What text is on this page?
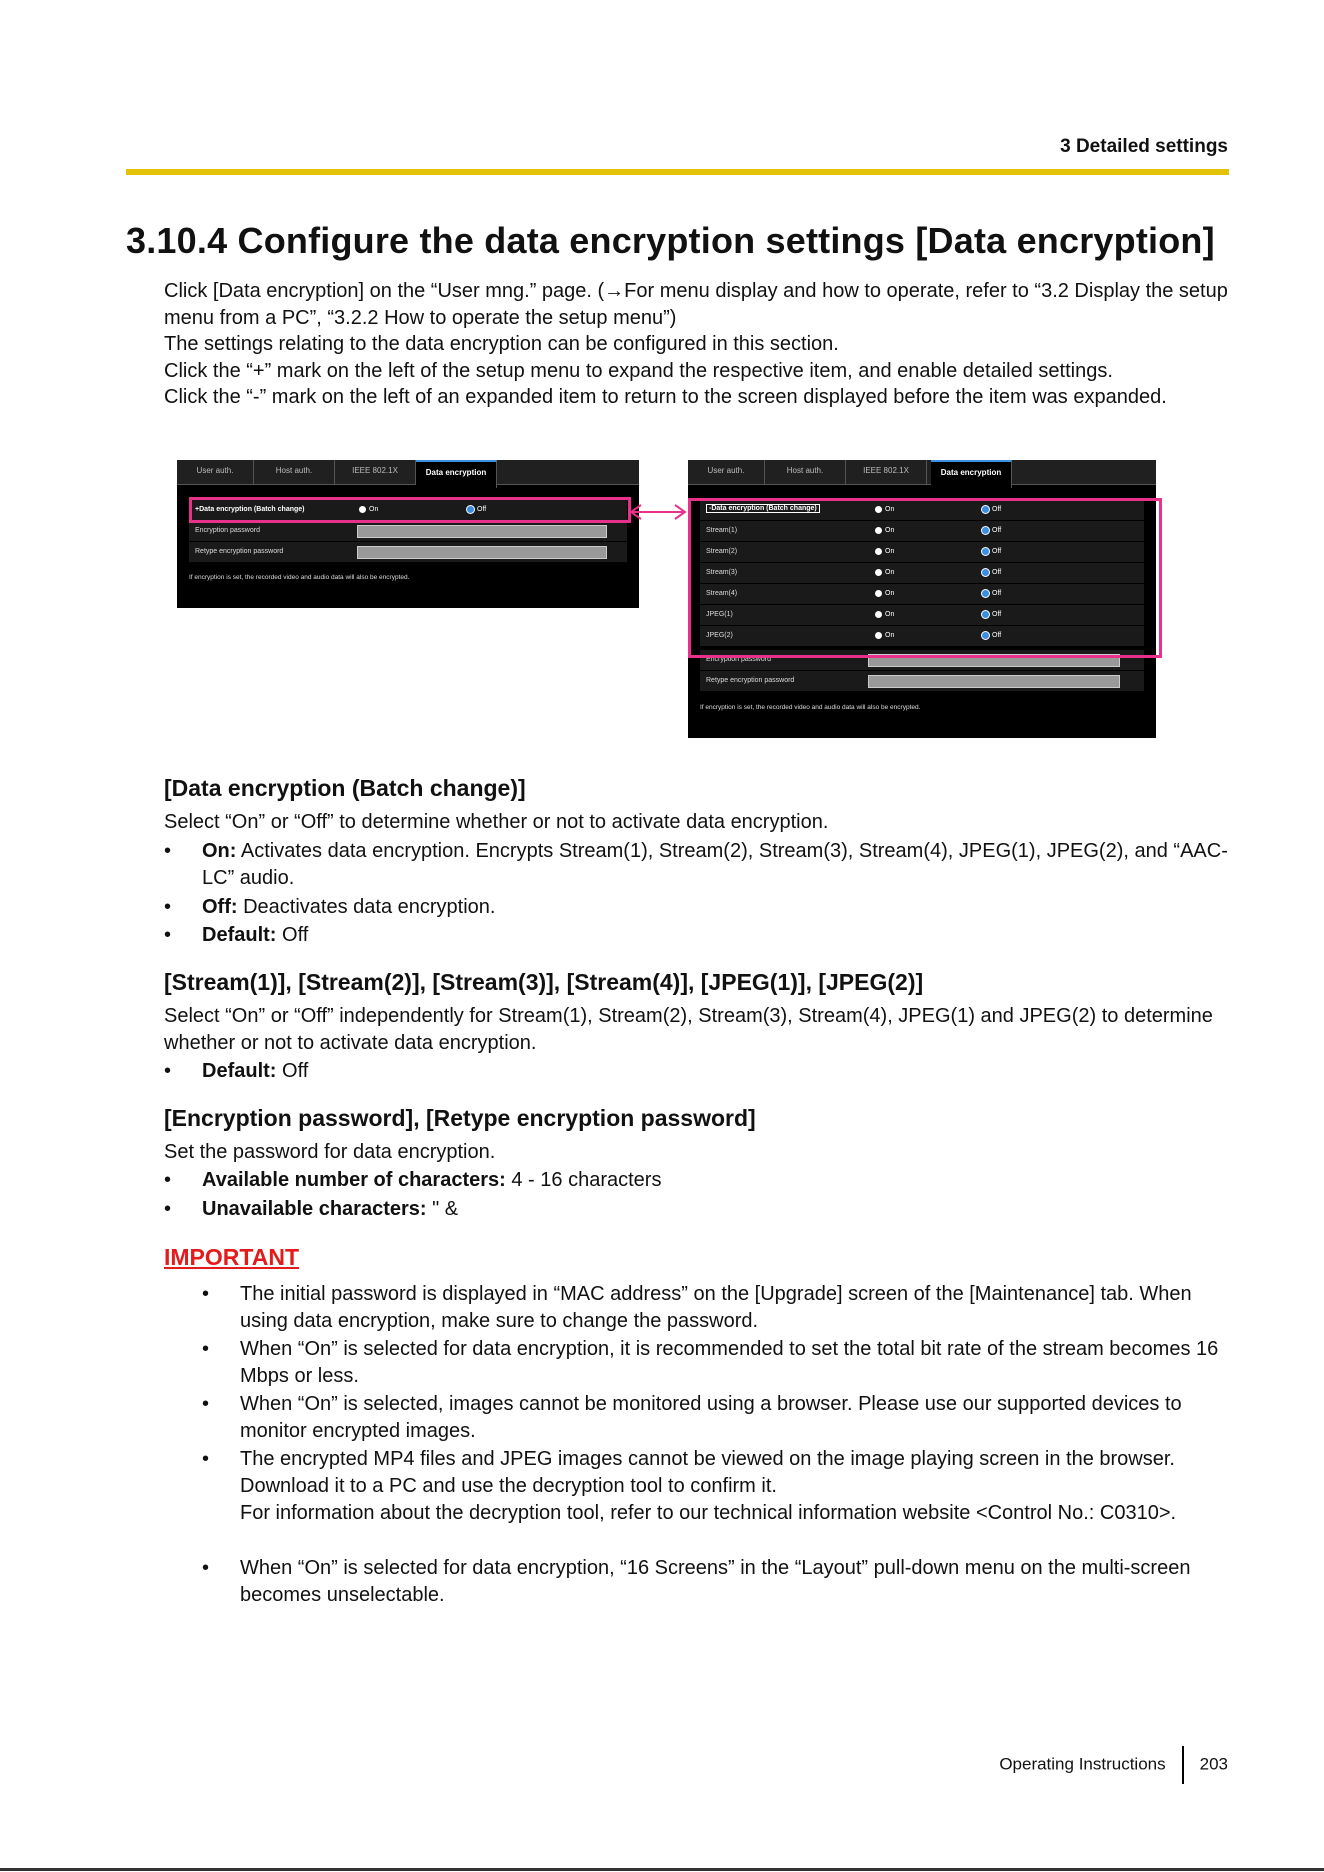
3 Detailed settings
3.10.4 Configure the data encryption settings [Data encryption]

Click [Data encryption] on the “User mng.” page. (→For menu display and how to operate, refer to “3.2 Display the setup menu from a PC”, “3.2.2 How to operate the setup menu”)

The settings relating to the data encryption can be configured in this section.

Click the “+” mark on the left of the setup menu to expand the respective item, and enable detailed settings.

Click the “-” mark on the left of an expanded item to return to the screen displayed before the item was expanded.

User auth.	Host auth.	IEEE 802.1X	Data encryption
+Data encryption (Batch change)	On	Off
Encryption password
Retype encryption password
If encryption is set, the recorded video and audio data will also be encrypted.
User auth.	Host auth.	IEEE 802.1X	Data encryption
-Data encryption (Batch change)	On	Off
Stream(1)	On	Off
Stream(2)	On	Off
Stream(3)	On	Off
Stream(4)	On	Off
JPEG(1)	On	Off
JPEG(2)	On	Off
Encryption password
Retype encryption password
If encryption is set, the recorded video and audio data will also be encrypted.
[Data encryption (Batch change)]
Select “On” or “Off” to determine whether or not to activate data encryption.
• On: Activates data encryption. Encrypts Stream(1), Stream(2), Stream(3), Stream(4), JPEG(1), JPEG(2), and “AAC-LC” audio.
• Off: Deactivates data encryption.
• Default: Off
[Stream(1)], [Stream(2)], [Stream(3)], [Stream(4)], [JPEG(1)], [JPEG(2)]
Select “On” or “Off” independently for Stream(1), Stream(2), Stream(3), Stream(4), JPEG(1) and JPEG(2) to determine whether or not to activate data encryption.
• Default: Off
[Encryption password], [Retype encryption password]
Set the password for data encryption.
• Available number of characters: 4 - 16 characters
• Unavailable characters: " &
IMPORTANT
• The initial password is displayed in “MAC address” on the [Upgrade] screen of the [Maintenance] tab. When using data encryption, make sure to change the password.
• When “On” is selected for data encryption, it is recommended to set the total bit rate of the stream becomes 16 Mbps or less.
• When “On” is selected, images cannot be monitored using a browser. Please use our supported devices to monitor encrypted images.
• The encrypted MP4 files and JPEG images cannot be viewed on the image playing screen in the browser. Download it to a PC and use the decryption tool to confirm it.
For information about the decryption tool, refer to our technical information website <Control No.: C0310>.
• When “On” is selected for data encryption, “16 Screens” in the “Layout” pull-down menu on the multi-screen becomes unselectable.
Operating Instructions 203
